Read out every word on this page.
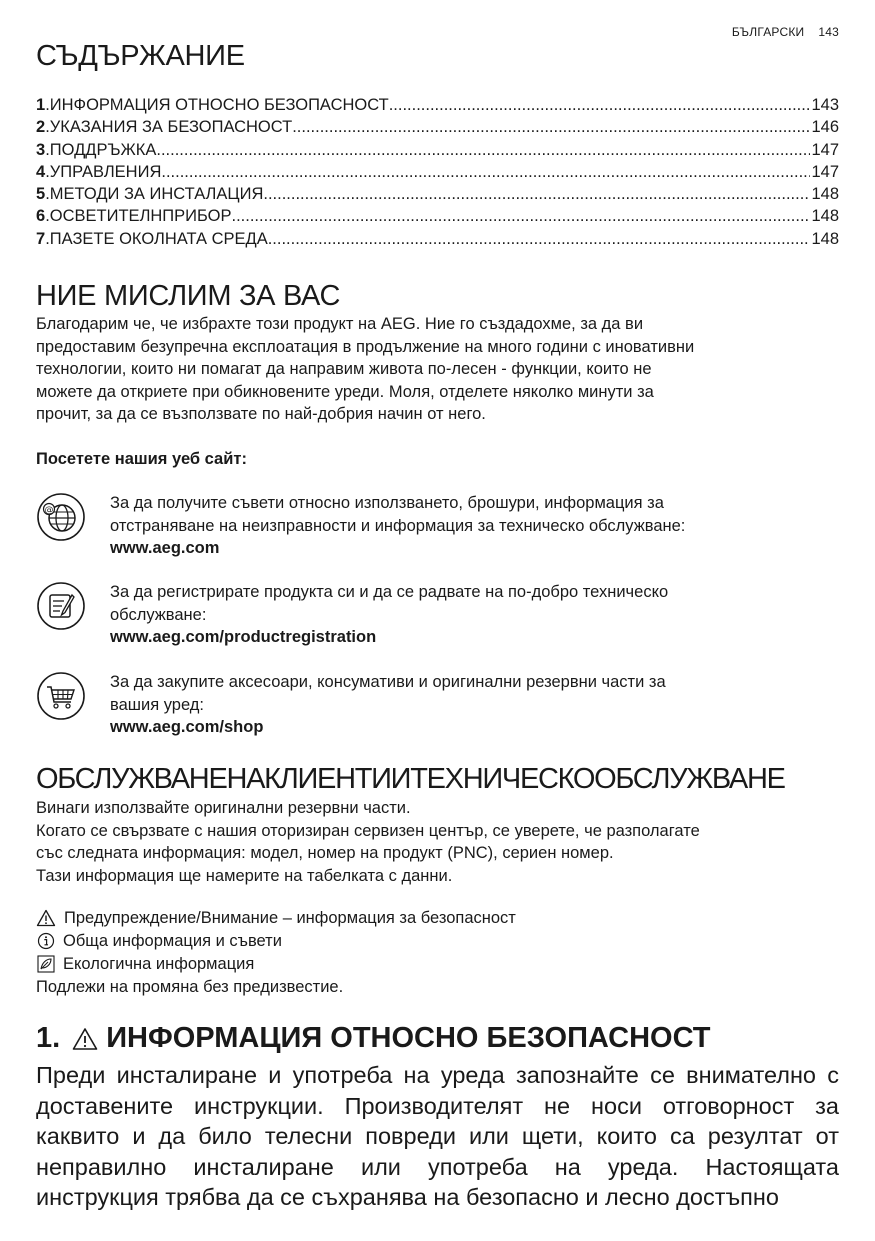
БЪЛГАРСКИ 143
СЪДЪРЖАНИЕ
1 . ИНФОРМАЦИЯ ОТНОСНО БЕЗОПАСНОСТ .....	143
2 . УКАЗАНИЯ ЗА БЕЗОПАСНОСТ .....	146
3 . ПОДДРЪЖКА .....	147
4 . УПРАВЛЕНИЯ .....	147
5 . МЕТОДИ ЗА ИНСТАЛАЦИЯ .....	148
6 . ОСВЕТИТЕЛНПРИБОР .....	148
7 . ПАЗЕТЕ ОКОЛНАТА СРЕДА .....	148
НИЕ МИСЛИМ ЗА ВАС
Благодарим че, че избрахте този продукт на AEG. Ние го създадохме, за да ви
предоставим безупречна експлоатация в продължение на много години с иновативни
технологии, които ни помагат да направим живота по-лесен - функции, които не
можете да откриете при обикновените уреди. Моля, отделете няколко минути за
прочит, за да се възползвате по най-добрия начин от него.
Посетете нашия уеб сайт:
@	За да получите съвети относно използването, брошури, информация за
отстраняване на неизправности и информация за техническо обслужване:
www.aeg.com
За да регистрирате продукта си и да се радвате на по-добро техническо
обслужване:
www.aeg.com/productregistration
За да закупите аксесоари, консумативи и оригинални резервни части за
вашия уред:
www.aeg.com/shop
ОБСЛУЖВАНЕНАКЛИЕНТИИТЕХНИЧЕСКООБСЛУЖВАНЕ
Винаги използвайте оригинални резервни части.
Когато се свързвате с нашия оторизиран сервизен център, се уверете, че разполагате
със следната информация: модел, номер на продукт (PNC), сериен номер.
Тази информация ще намерите на табелката с данни.
Предупреждение/Внимание – информация за безопасност
Обща информация и съвети
Екологична информация
Подлежи на промяна без предизвестие.
1. ИНФОРМАЦИЯ ОТНОСНО БЕЗОПАСНОСТ

Преди инсталиране и употреба на уреда запознайте се внимателно с доставените инструкции. Производителят не носи отговорност за каквито и да било телесни повреди или щети, които са резултат от неправилно инсталиране или употреба на уреда. Настоящата инструкция трябва да се съхранява на безопасно и лесно достъпно
